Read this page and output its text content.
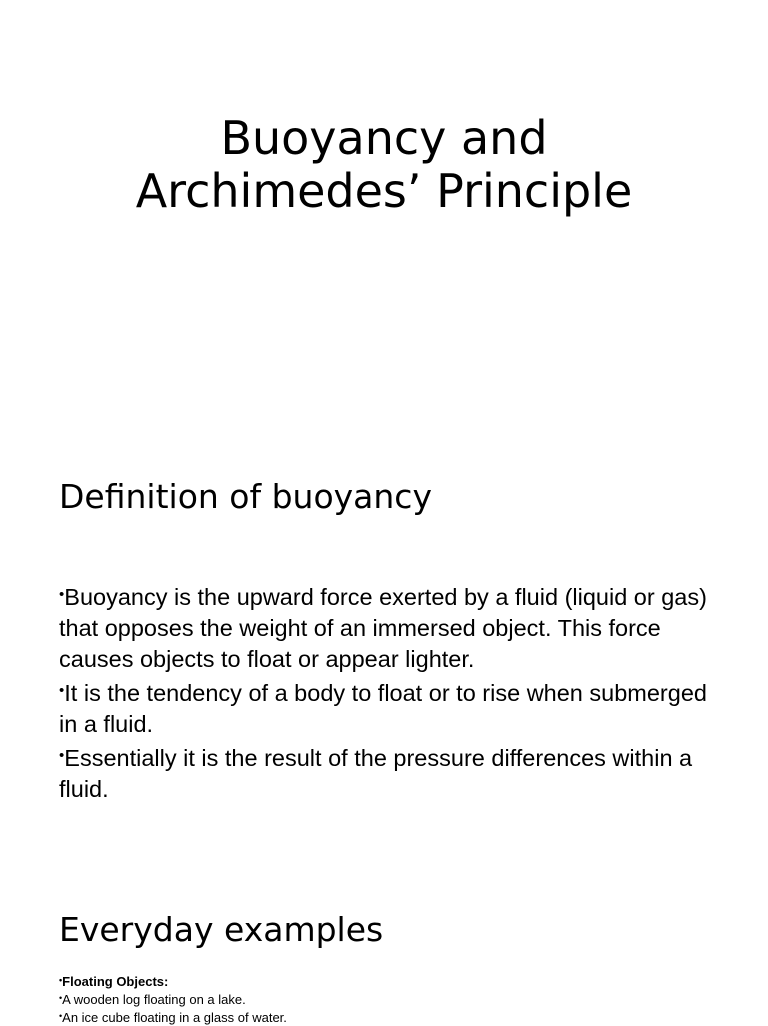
Buoyancy and
Archimedes’ Principle
Definition of buoyancy
•Buoyancy is the upward force exerted by a fluid (liquid or gas) that opposes the weight of an immersed object. This force causes objects to float or appear lighter.
•It is the tendency of a body to float or to rise when submerged in a fluid.
•Essentially it is the result of the pressure differences within a fluid.
Everyday examples
•Floating Objects:
•A wooden log floating on a lake.
•An ice cube floating in a glass of water.
